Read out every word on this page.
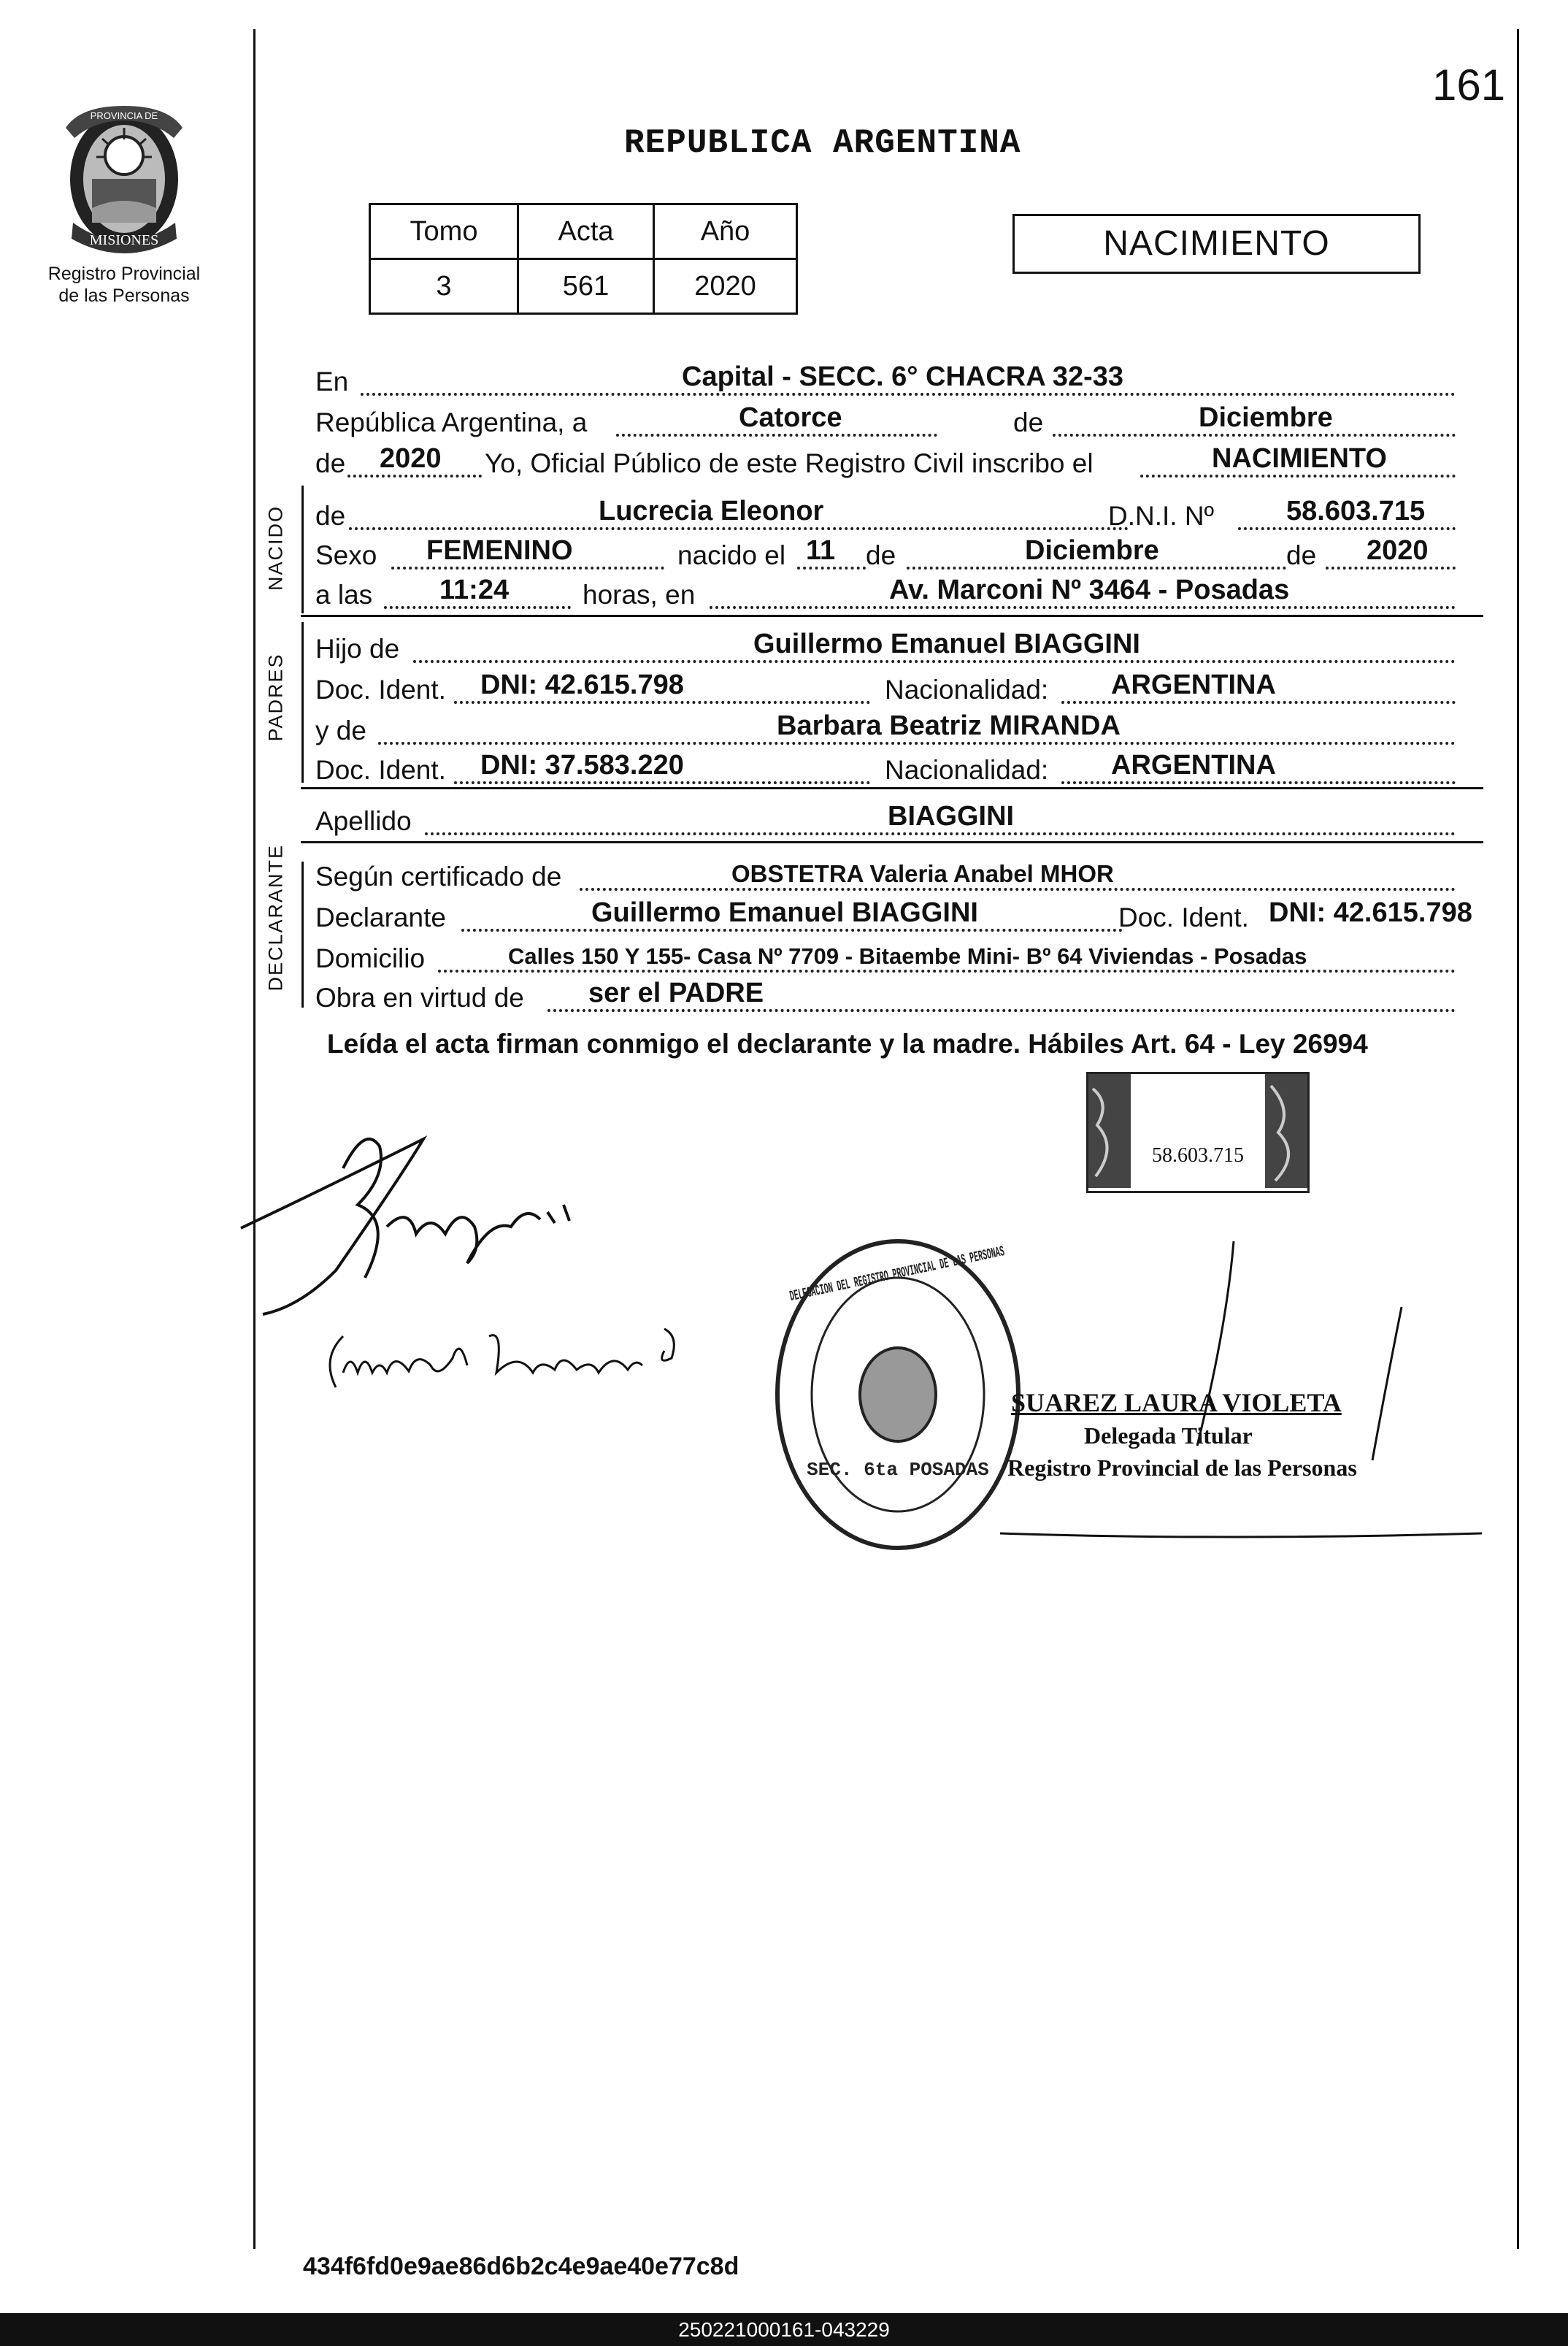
161
PROVINCIA DE
MISIONES
Registro Provincial
de las Personas
REPUBLICA ARGENTINA
Tomo	Acta	Año
3	561	2020
NACIMIENTO
En	Capital - SECC. 6° CHACRA 32-33
República Argentina, a	Catorce	de	Diciembre
de 2020 Yo, Oficial Público de este Registro Civil inscribo el	NACIMIENTO
NACIDO de	Lucrecia Eleonor	D.N.I. Nº	58.603.715
Sexo FEMENINO	nacido el 11 de	Diciembre	de 2020
a las 11:24	horas, en	Av. Marconi Nº 3464 - Posadas
PADRES
Hijo de	Guillermo Emanuel BIAGGINI
Doc. Ident. DNI: 42.615.798	Nacionalidad: ARGENTINA
y de	Barbara Beatriz MIRANDA
Doc. Ident. DNI: 37.583.220	Nacionalidad: ARGENTINA
Apellido	BIAGGINI
DECLARANTE Según certificado de	OBSTETRA Valeria Anabel MHOR
Declarante	Guillermo Emanuel BIAGGINI	Doc. Ident. DNI: 42.615.798
Domicilio	Calles 150 Y 155- Casa Nº 7709 - Bitaembe Mini- Bº 64 Viviendas - Posadas
Obra en virtud de ser el PADRE
Leída el acta firman conmigo el declarante y la madre. Hábiles Art. 64 - Ley 26994
58.603.715
DELEGACION DEL REGISTRO PROVINCIAL DE LAS PERSONAS
SEC. 6ta POSADAS
SUAREZ LAURA VIOLETA
Delegada Titular
Registro Provincial de las Personas
434f6fd0e9ae86d6b2c4e9ae40e77c8d
250221000161-043229
